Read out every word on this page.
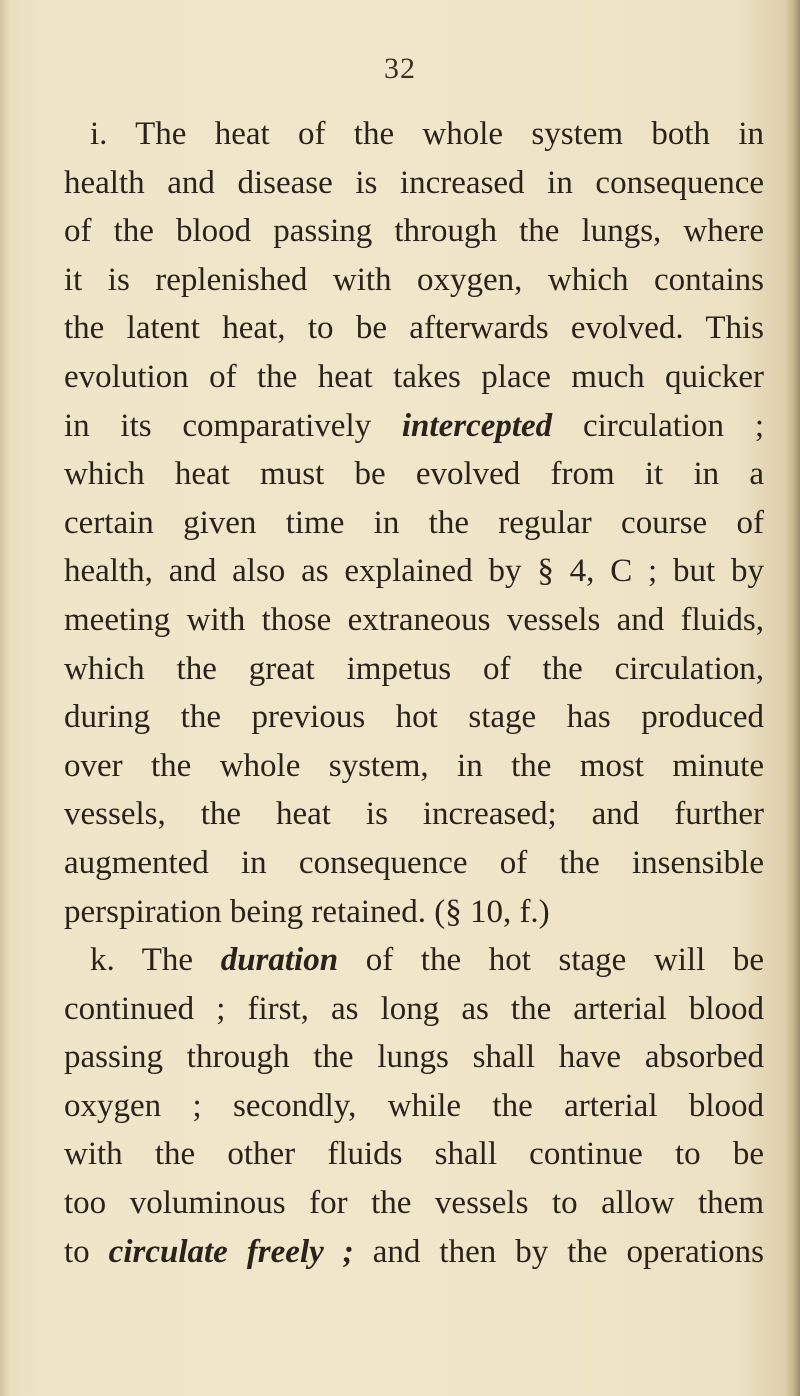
32
i. The heat of the whole system both in
health and disease is increased in consequence
of the blood passing through the lungs, where
it is replenished with oxygen, which contains
the latent heat, to be afterwards evolved. This
evolution of the heat takes place much quicker
in its comparatively intercepted circulation ;
which heat must be evolved from it in a
certain given time in the regular course of
health, and also as explained by § 4, C ; but by
meeting with those extraneous vessels and fluids,
which the great impetus of the circulation,
during the previous hot stage has produced
over the whole system, in the most minute
vessels, the heat is increased; and further
augmented in consequence of the insensible
perspiration being retained. (§ 10, f.)
k. The duration of the hot stage will be
continued ; first, as long as the arterial blood
passing through the lungs shall have absorbed
oxygen ; secondly, while the arterial blood
with the other fluids shall continue to be
too voluminous for the vessels to allow them
to circulate freely ; and then by the operations
